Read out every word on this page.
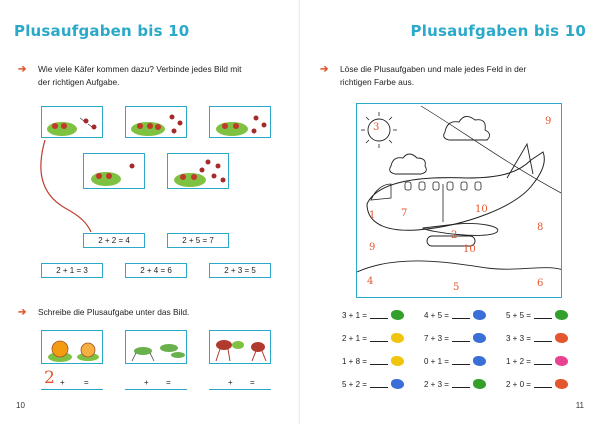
Plusaufgaben bis 10
➔ Wie viele Käfer kommen dazu? Verbinde jedes Bild mit
der richtigen Aufgabe.
2 + 2 = 4	2 + 5 = 7
2 + 1 = 3	2 + 4 = 6	2 + 3 = 5
➔ Schreibe die Plusaufgabe unter das Bild.
2 + =	+ =	+ =
10
Plusaufgaben bis 10
➔ Löse die Plusaufgaben und male jedes Feld in der
richtigen Farbe aus.
3
9
1	7	10
9
2
10
8
4
5	6
3 + 1 =	4 + 5 =	5 + 5 =
2 + 1 =	7 + 3 =	3 + 3 =
1 + 8 =	0 + 1 =	1 + 2 =
5 + 2 =	2 + 3 =	2 + 0 =
11
